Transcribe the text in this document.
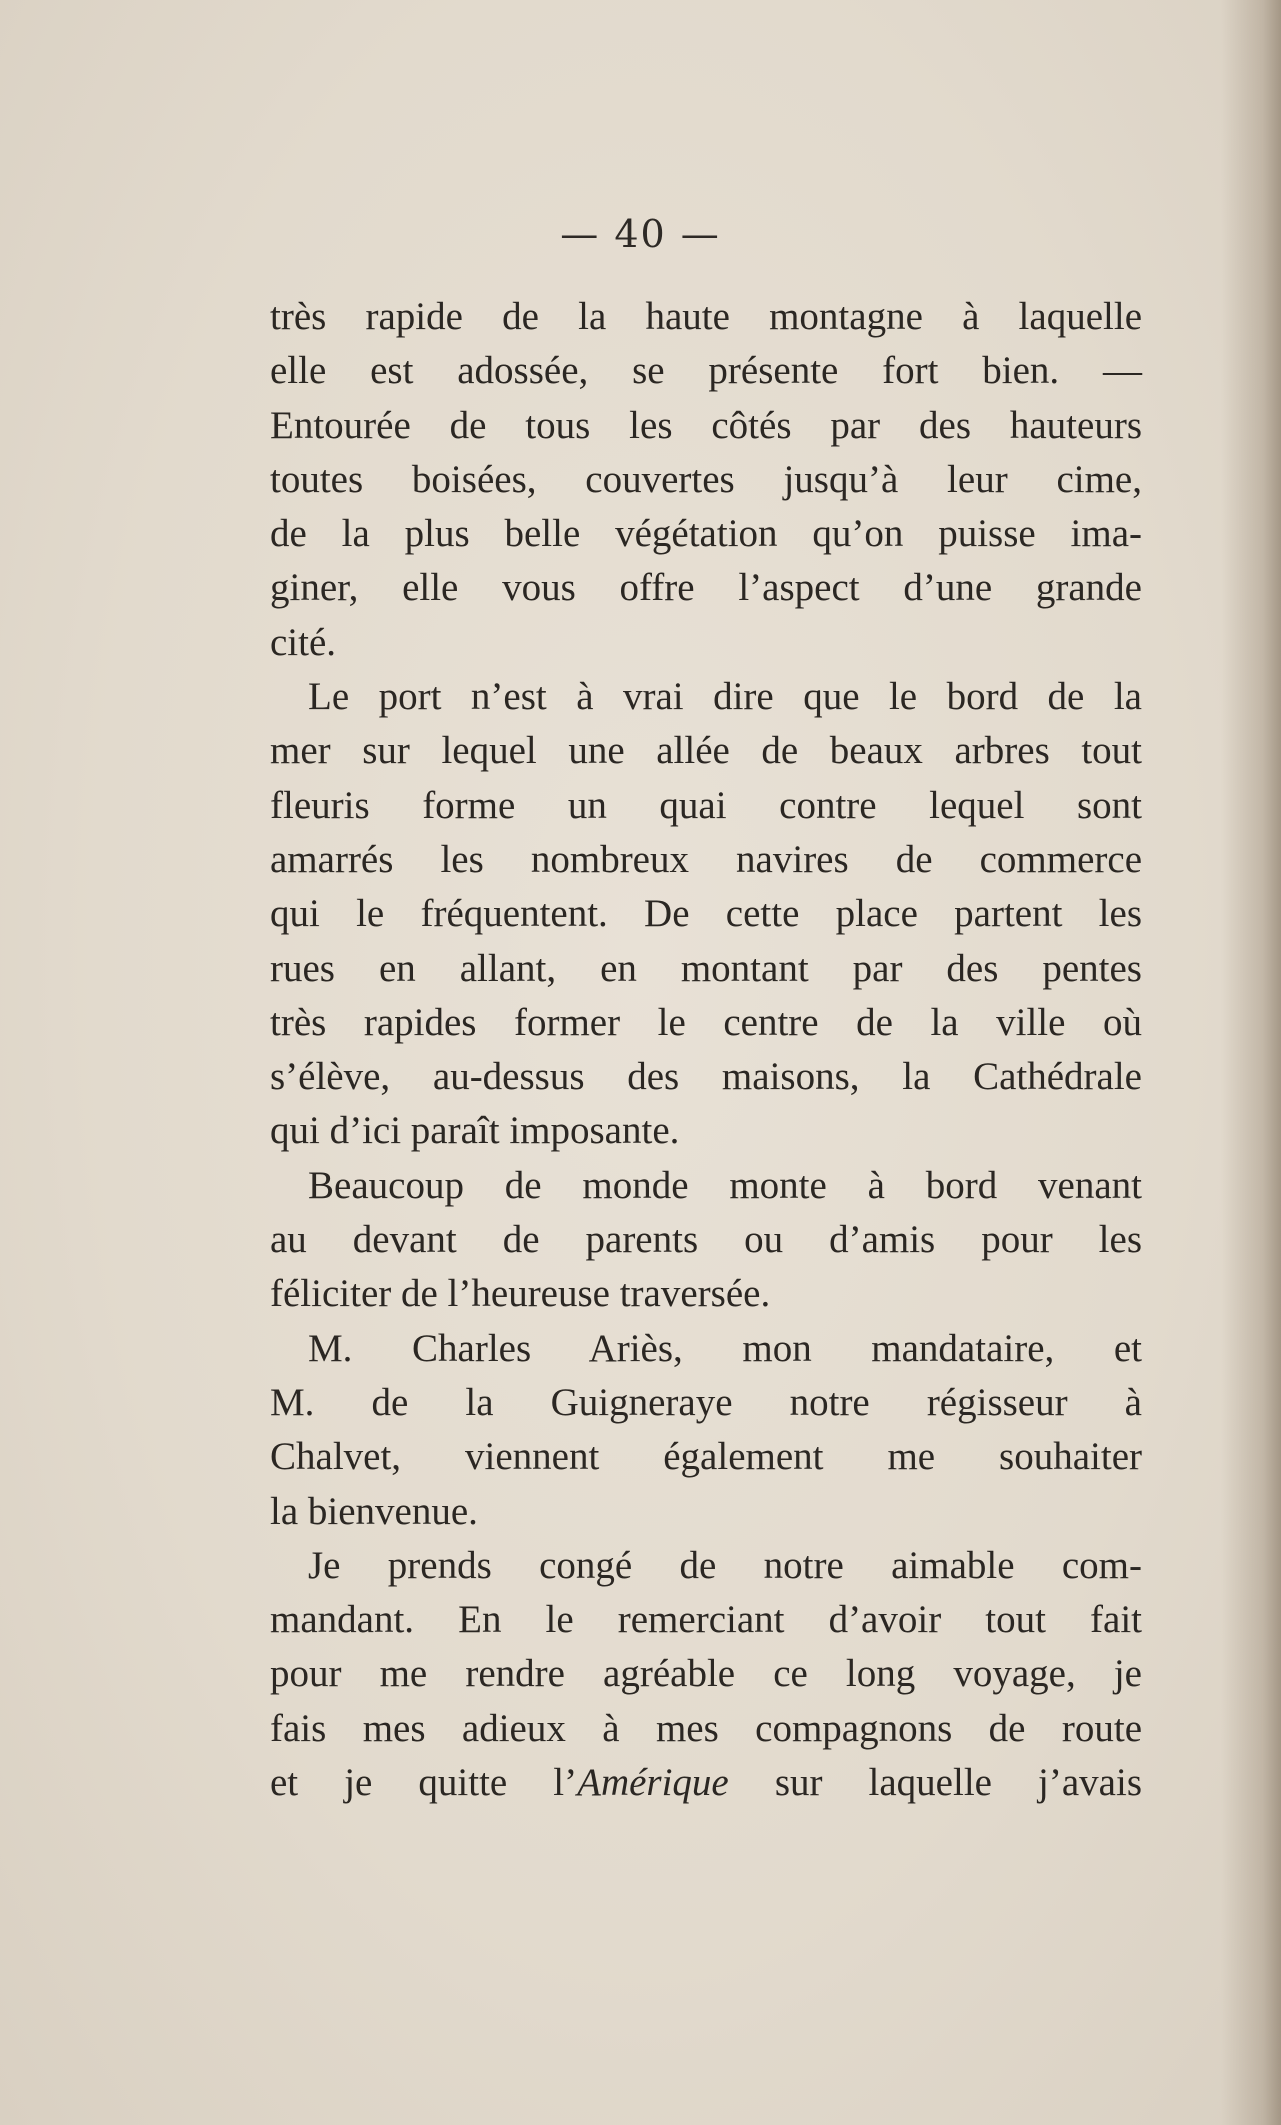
— 40 —
très rapide de la haute montagne à laquelle
elle est adossée, se présente fort bien. —
Entourée de tous les côtés par des hauteurs
toutes boisées, couvertes jusqu’à leur cime,
de la plus belle végétation qu’on puisse ima-
giner, elle vous offre l’aspect d’une grande
cité.
Le port n’est à vrai dire que le bord de la
mer sur lequel une allée de beaux arbres tout
fleuris forme un quai contre lequel sont
amarrés les nombreux navires de commerce
qui le fréquentent. De cette place partent les
rues en allant, en montant par des pentes
très rapides former le centre de la ville où
s’élève, au-dessus des maisons, la Cathédrale
qui d’ici paraît imposante.
Beaucoup de monde monte à bord venant
au devant de parents ou d’amis pour les
féliciter de l’heureuse traversée.
M. Charles Ariès, mon mandataire, et
M. de la Guigneraye notre régisseur à
Chalvet, viennent également me souhaiter
la bienvenue.
Je prends congé de notre aimable com-
mandant. En le remerciant d’avoir tout fait
pour me rendre agréable ce long voyage, je
fais mes adieux à mes compagnons de route
et je quitte l’Amérique sur laquelle j’avais
